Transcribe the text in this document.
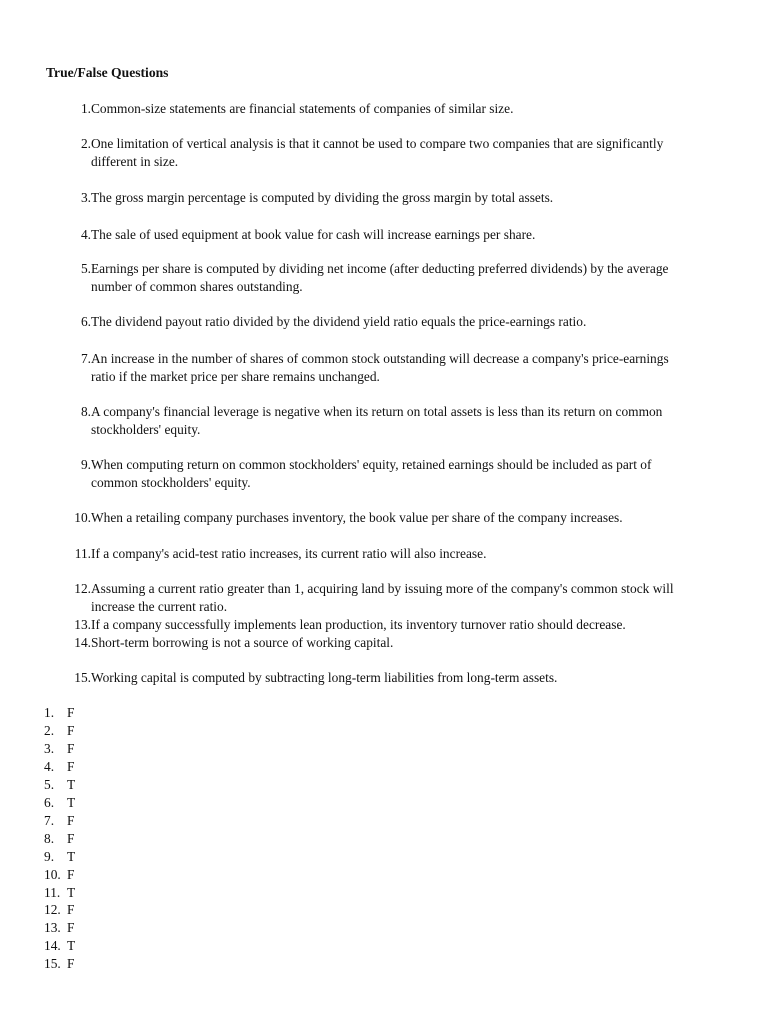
True/False Questions
1. Common-size statements are financial statements of companies of similar size.
2. One limitation of vertical analysis is that it cannot be used to compare two companies that are significantly different in size.
3. The gross margin percentage is computed by dividing the gross margin by total assets.
4. The sale of used equipment at book value for cash will increase earnings per share.
5. Earnings per share is computed by dividing net income (after deducting preferred dividends) by the average number of common shares outstanding.
6. The dividend payout ratio divided by the dividend yield ratio equals the price-earnings ratio.
7. An increase in the number of shares of common stock outstanding will decrease a company's price-earnings ratio if the market price per share remains unchanged.
8. A company's financial leverage is negative when its return on total assets is less than its return on common stockholders' equity.
9. When computing return on common stockholders' equity, retained earnings should be included as part of common stockholders' equity.
10. When a retailing company purchases inventory, the book value per share of the company increases.
11. If a company's acid-test ratio increases, its current ratio will also increase.
12. Assuming a current ratio greater than 1, acquiring land by issuing more of the company's common stock will increase the current ratio.
13. If a company successfully implements lean production, its inventory turnover ratio should decrease.
14. Short-term borrowing is not a source of working capital.
15. Working capital is computed by subtracting long-term liabilities from long-term assets.
1. F
2. F
3. F
4. F
5. T
6. T
7. F
8. F
9. T
10. F
11. T
12. F
13. F
14. T
15. F
